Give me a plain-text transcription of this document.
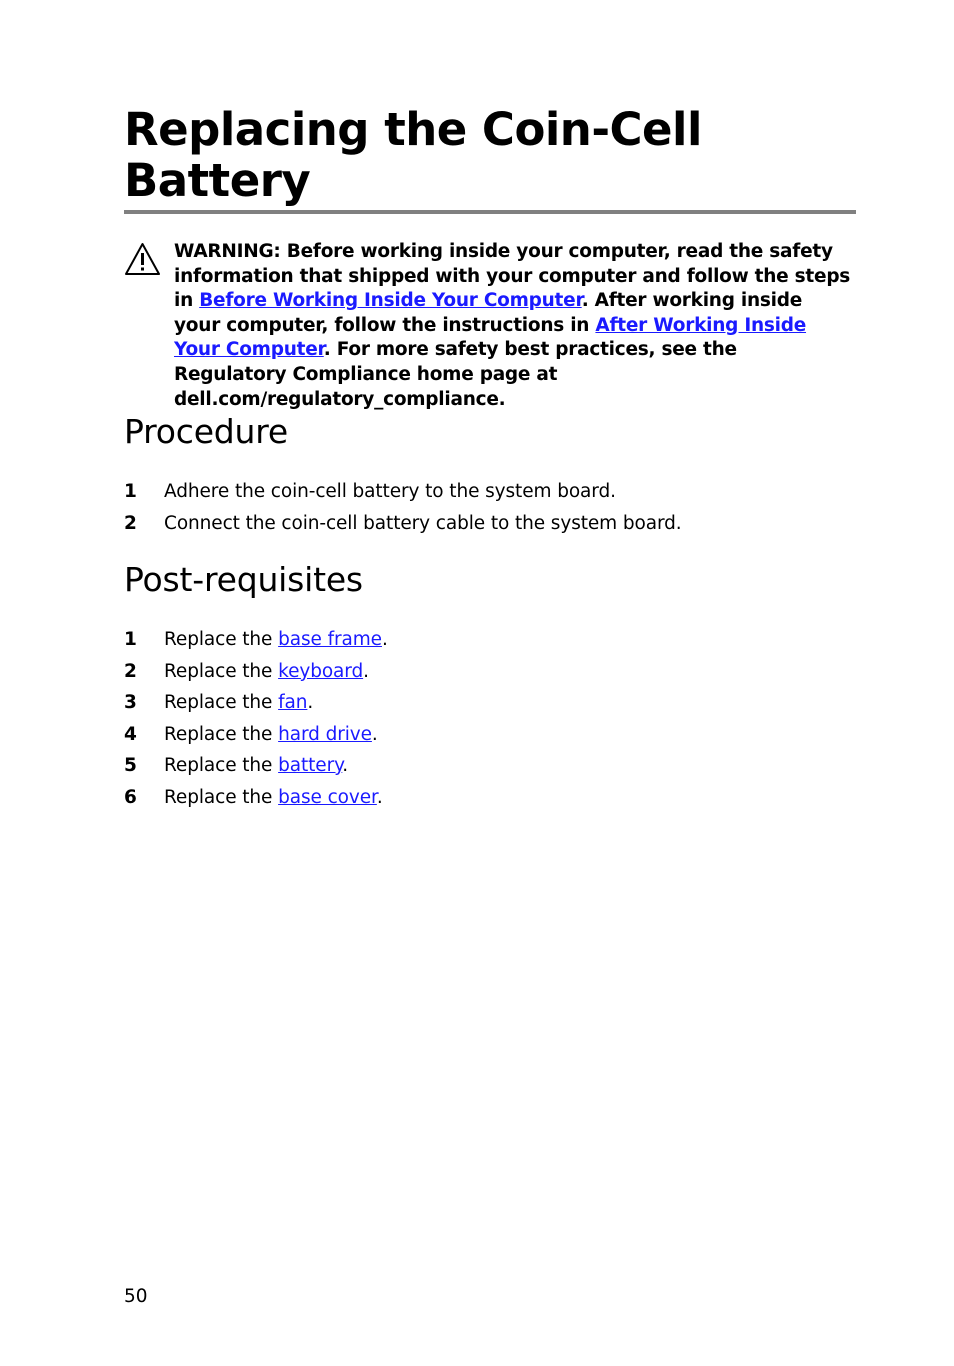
Replacing the Coin-Cell Battery
WARNING: Before working inside your computer, read the safety information that shipped with your computer and follow the steps in Before Working Inside Your Computer. After working inside your computer, follow the instructions in After Working Inside Your Computer. For more safety best practices, see the Regulatory Compliance home page at dell.com/regulatory_compliance.
Procedure
1 Adhere the coin-cell battery to the system board.
2 Connect the coin-cell battery cable to the system board.
Post-requisites
1 Replace the base frame.
2 Replace the keyboard.
3 Replace the fan.
4 Replace the hard drive.
5 Replace the battery.
6 Replace the base cover.
50
